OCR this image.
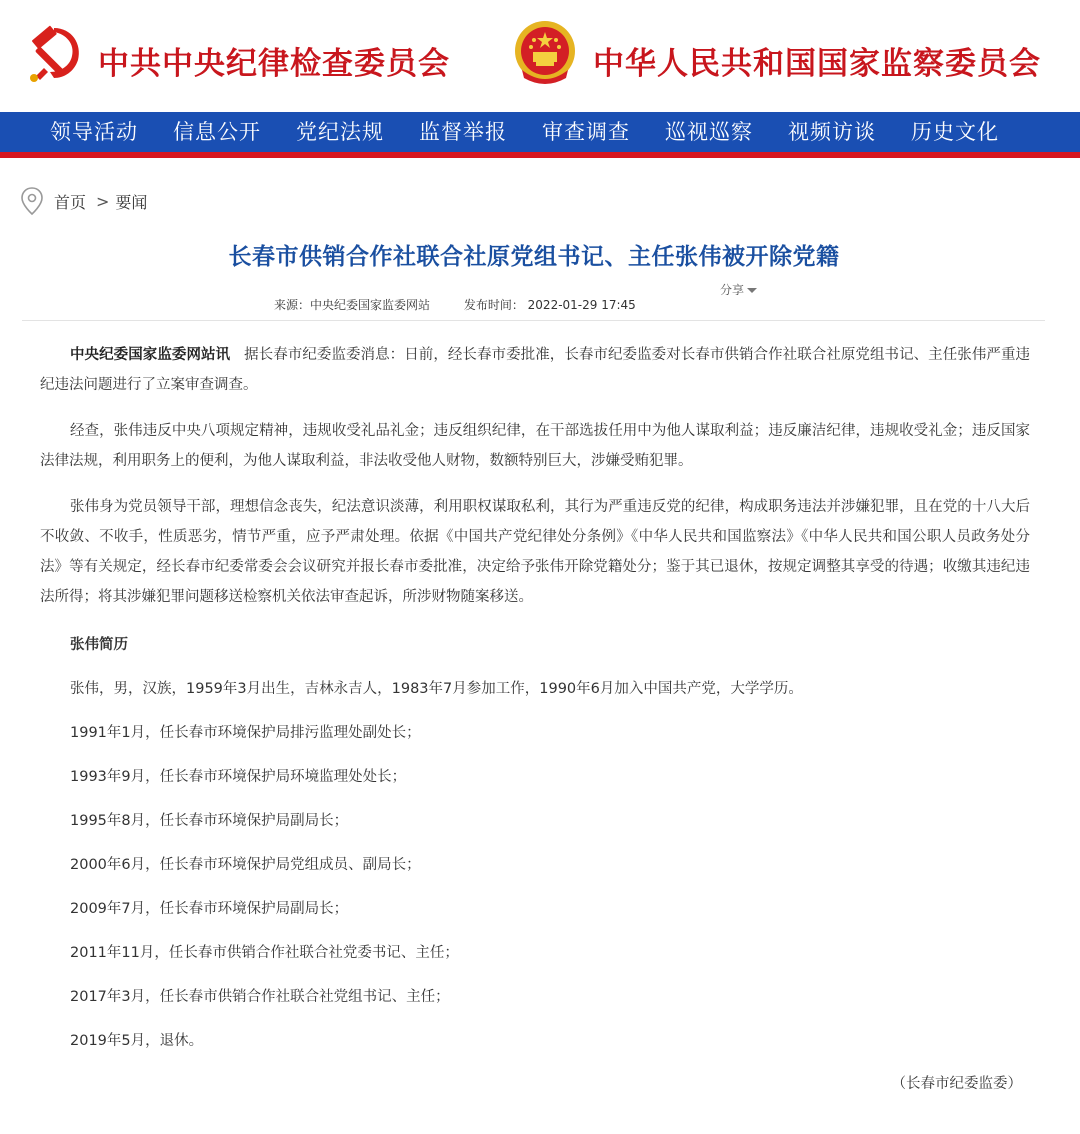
中共中央纪律检查委员会	中华人民共和国国家监察委员会
领导活动 信息公开 党纪法规 监督举报 审查调查 巡视巡察 视频访谈 历史文化
首页 > 要闻
长春市供销合作社联合社原党组书记、主任张伟被开除党籍
来源：中央纪委国家监委网站	发布时间： 2022-01-29 17:45
分享

中央纪委国家监委网站讯 据长春市纪委监委消息：日前，经长春市委批准，长春市纪委监委对长春市供销合作社联合社原党组书记、主任张伟严重违纪违法问题进行了立案审查调查。

经查，张伟违反中央八项规定精神，违规收受礼品礼金；违反组织纪律，在干部选拔任用中为他人谋取利益；违反廉洁纪律，违规收受礼金；违反国家法律法规，利用职务上的便利，为他人谋取利益，非法收受他人财物，数额特别巨大，涉嫌受贿犯罪。

张伟身为党员领导干部，理想信念丧失，纪法意识淡薄，利用职权谋取私利，其行为严重违反党的纪律，构成职务违法并涉嫌犯罪，且在党的十八大后不收敛、不收手，性质恶劣，情节严重，应予严肃处理。依据《中国共产党纪律处分条例》《中华人民共和国监察法》《中华人民共和国公职人员政务处分法》等有关规定，经长春市纪委常委会会议研究并报长春市委批准，决定给予张伟开除党籍处分；鉴于其已退休，按规定调整其享受的待遇；收缴其违纪违法所得；将其涉嫌犯罪问题移送检察机关依法审查起诉，所涉财物随案移送。

张伟简历

张伟，男，汉族，1959年3月出生，吉林永吉人，1983年7月参加工作，1990年6月加入中国共产党，大学学历。

1991年1月，任长春市环境保护局排污监理处副处长；

1993年9月，任长春市环境保护局环境监理处处长；

1995年8月，任长春市环境保护局副局长；

2000年6月，任长春市环境保护局党组成员、副局长；

2009年7月，任长春市环境保护局副局长；

2011年11月，任长春市供销合作社联合社党委书记、主任；

2017年3月，任长春市供销合作社联合社党组书记、主任；

2019年5月，退休。

（长春市纪委监委）
